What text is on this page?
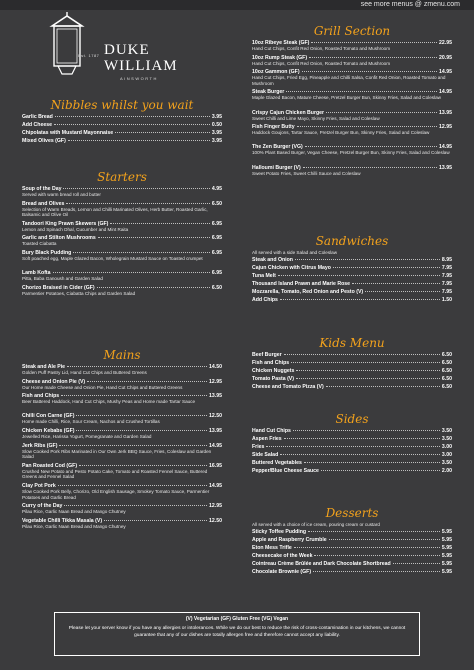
see more menus @ zmenu.com
Est. 1787 DUKE
WILLIAM
AINSWORTH
Nibbles whilst you wait
Garlic Bread	3.95
Add Cheese	0.50
Chipolatas with Mustard Mayonnaise	3.95
Mixed Olives (GF)	3.95
Starters
Soup of the Day	4.95
Served with warm bread roll and butter
Bread and Olives	6.50
Selection of Warm Breads, Lemon and Chilli Marinated Olives, Herb Butter, Roasted Garlic, Balsamic and Olive Oil
Tandoori King Prawn Skewers (GF)	6.95
Lemon and Spinach Dhal, Cucumber and Mint Raita
Garlic and Stilton Mushrooms	6.95
Toasted Ciabatta
Bury Black Pudding	6.95
Soft poached egg, Maple Glazed Bacon, Wholegrain Mustard Sauce on Toasted crumpet
Lamb Kofta	6.95
Pitta, Baba Ganoush and Garden Salad
Chorizo Braised in Cider (GF)	6.50
Parmentier Potatoes, Ciabatta Chips and Garden Salad
Mains
Steak and Ale Pie	14.50
Golden Puff Pastry Lid, Hand Cut Chips and Buttered Greens
Cheese and Onion Pie (V)	12.95
Our Home made Cheese and Onion Pie, Hand Cut Chips and Buttered Greens
Fish and Chips	13.95
Beer Battered Haddock, Hand Cut Chips, Mushy Peas and Home made Tartar Sauce
Chilli Con Carne (GF)	12.50
Home made Chilli, Rice, Sour Cream, Nachos and Crushed Tortillas
Chicken Kebabs (GF)	13.95
Jewelled Rice, Harissa Yogurt, Pomegranate and Garden Salad
Jerk Ribs (GF)	14.95
Slow Cooked Pork Ribs Marinated in Our Own Jerk BBQ Sauce, Fries, Coleslaw and Garden Salad
Pan Roasted Cod (GF)	16.95
Crushed New Potato and Pesto Potato Cake, Tomato and Roasted Fennel Sauce, Buttered Greens and Fennel Salad
Clay Pot Pork	14.95
Slow Cooked Pork Belly, Chorizo, Old English Sausage, Smokey Tomato Sauce, Parmentier Potatoes and Garlic Bread
Curry of the Day	12.95
Pilau Rice, Garlic Naan Bread and Mango Chutney
Vegetable Chilli Tikka Masala (V)	12.50
Pilau Rice, Garlic Naan Bread and Mango Chutney
Grill Section
10oz Ribeye Steak (GF)	22.95
Hand Cut Chips, Confit Red Onion, Roasted Tomato and Mushroom
10oz Rump Steak (GF)	20.95
Hand Cut Chips, Confit Red Onion, Roasted Tomato and Mushroom
10oz Gammon (GF)	14.95
Hand Cut Chips, Fried Egg, Pineapple and Chilli Salsa, Confit Red Onion, Roasted Tomato and Mushroom
Steak Burger	14.95
Maple Glazed Bacon, Mature Cheese, Pretzel Burger Bun, Skinny Fries, Salad and Coleslaw
Crispy Cajun Chicken Burger	13.95
Sweet Chilli and Lime Mayo, Skinny Fries, Salad and Coleslaw
Fish Finger Butty	12.95
Haddock Goujons, Tartar Sauce, Pretzel Burger Bun, Skinny Fries, Salad and Coleslaw
The Zen Burger (VG)	14.95
100% Plant Based Burger, Vegan Cheese, Pretzel Burger Bun, Skinny Fries, Salad and Coleslaw
Halloumi Burger (V)	13.95
Sweet Potato Fries, Sweet Chilli Sauce and Coleslaw
Sandwiches
All served with a side Salad and Coleslaw
Steak and Onion	8.95
Cajun Chicken with Citrus Mayo	7.95
Tuna Melt	7.95
Thousand Island Prawn and Marie Rose	7.95
Mozzarella, Tomato, Red Onion and Pesto (V)	7.95
Add Chips	1.50
Kids Menu
Beef Burger	6.50
Fish and Chips	6.50
Chicken Nuggets	6.50
Tomato Pasta (V)	6.50
Cheese and Tomato Pizza (V)	6.50
Sides
Hand Cut Chips	3.50
Aspen Fries	3.50
Fries	3.00
Side Salad	3.00
Buttered Vegetables	3.50
Pepper/Blue Cheese Sauce	2.00
Desserts
All served with a choice of ice cream, pouring cream or custard
Sticky Toffee Pudding	5.95
Apple and Raspberry Crumble	5.95
Eton Mess Trifle	5.95
Cheesecake of the Week	5.95
Cointreau Crème Brûlée and Dark Chocolate Shortbread	5.95
Chocolate Brownie (GF)	5.95
(V) Vegetarian (GF) Gluten Free (VG) Vegan
Please let your server know if you have any allergies or intolerances. While we do our best to reduce the risk of cross-contamination in our kitchens, we cannot guarantee that any of our dishes are totally allergen free and therefore cannot accept any liability.
